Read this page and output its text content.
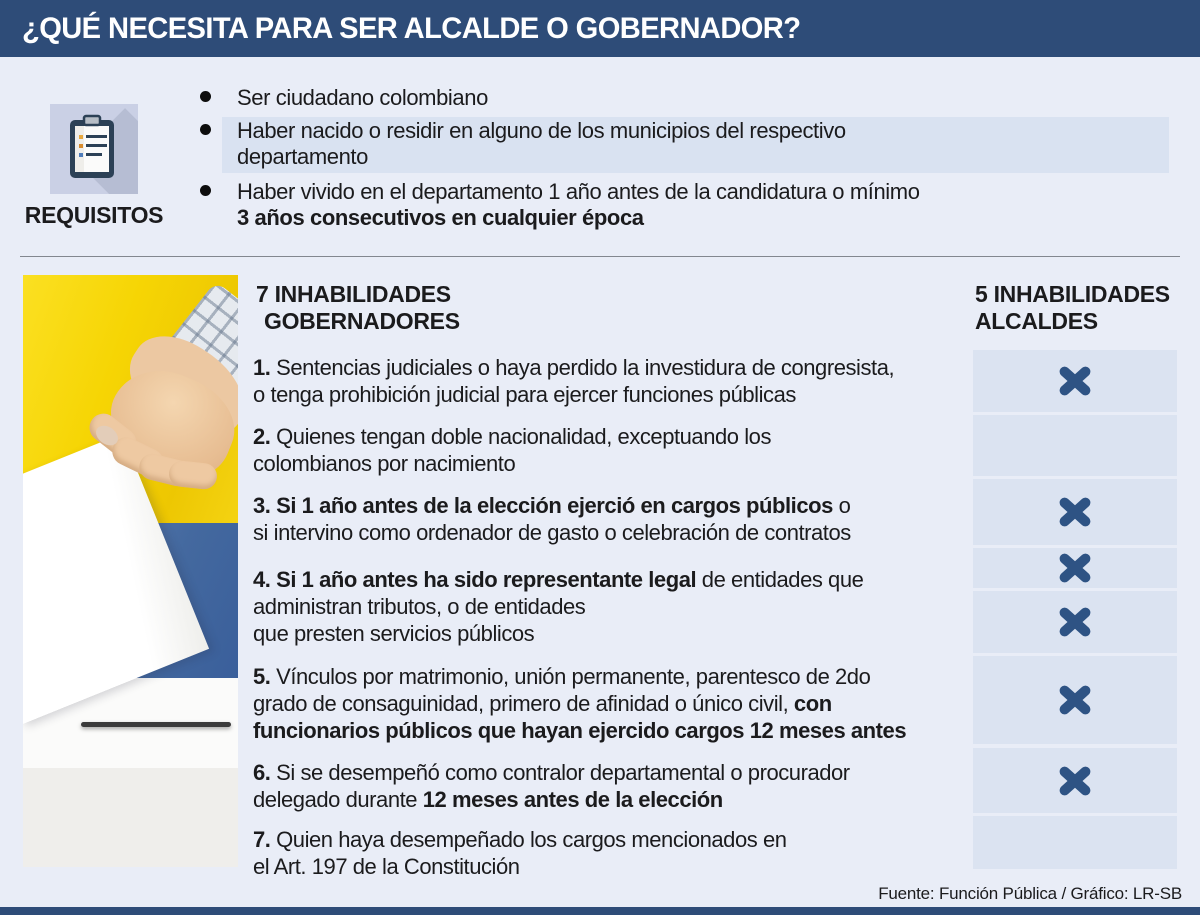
¿QUÉ NECESITA PARA SER ALCALDE O GOBERNADOR?
REQUISITOS
Ser ciudadano colombiano
Haber nacido o residir en alguno de los municipios del respectivo
departamento
Haber vivido en el departamento 1 año antes de la candidatura o mínimo
3 años consecutivos en cualquier época
7 INHABILIDADES
GOBERNADORES
5 INHABILIDADES
ALCALDES
1. Sentencias judiciales o haya perdido la investidura de congresista,
o tenga prohibición judicial para ejercer funciones públicas
2. Quienes tengan doble nacionalidad, exceptuando los
colombianos por nacimiento
3. Si 1 año antes de la elección ejerció en cargos públicos o
si intervino como ordenador de gasto o celebración de contratos
4. Si 1 año antes ha sido representante legal de entidades que
administran tributos, o de entidades
que presten servicios públicos
5. Vínculos por matrimonio, unión permanente, parentesco de 2do
grado de consaguinidad, primero de afinidad o único civil, con
funcionarios públicos que hayan ejercido cargos 12 meses antes
6. Si se desempeñó como contralor departamental o procurador
delegado durante 12 meses antes de la elección
7. Quien haya desempeñado los cargos mencionados en
el Art. 197 de la Constitución
Fuente: Función Pública / Gráfico: LR-SB
